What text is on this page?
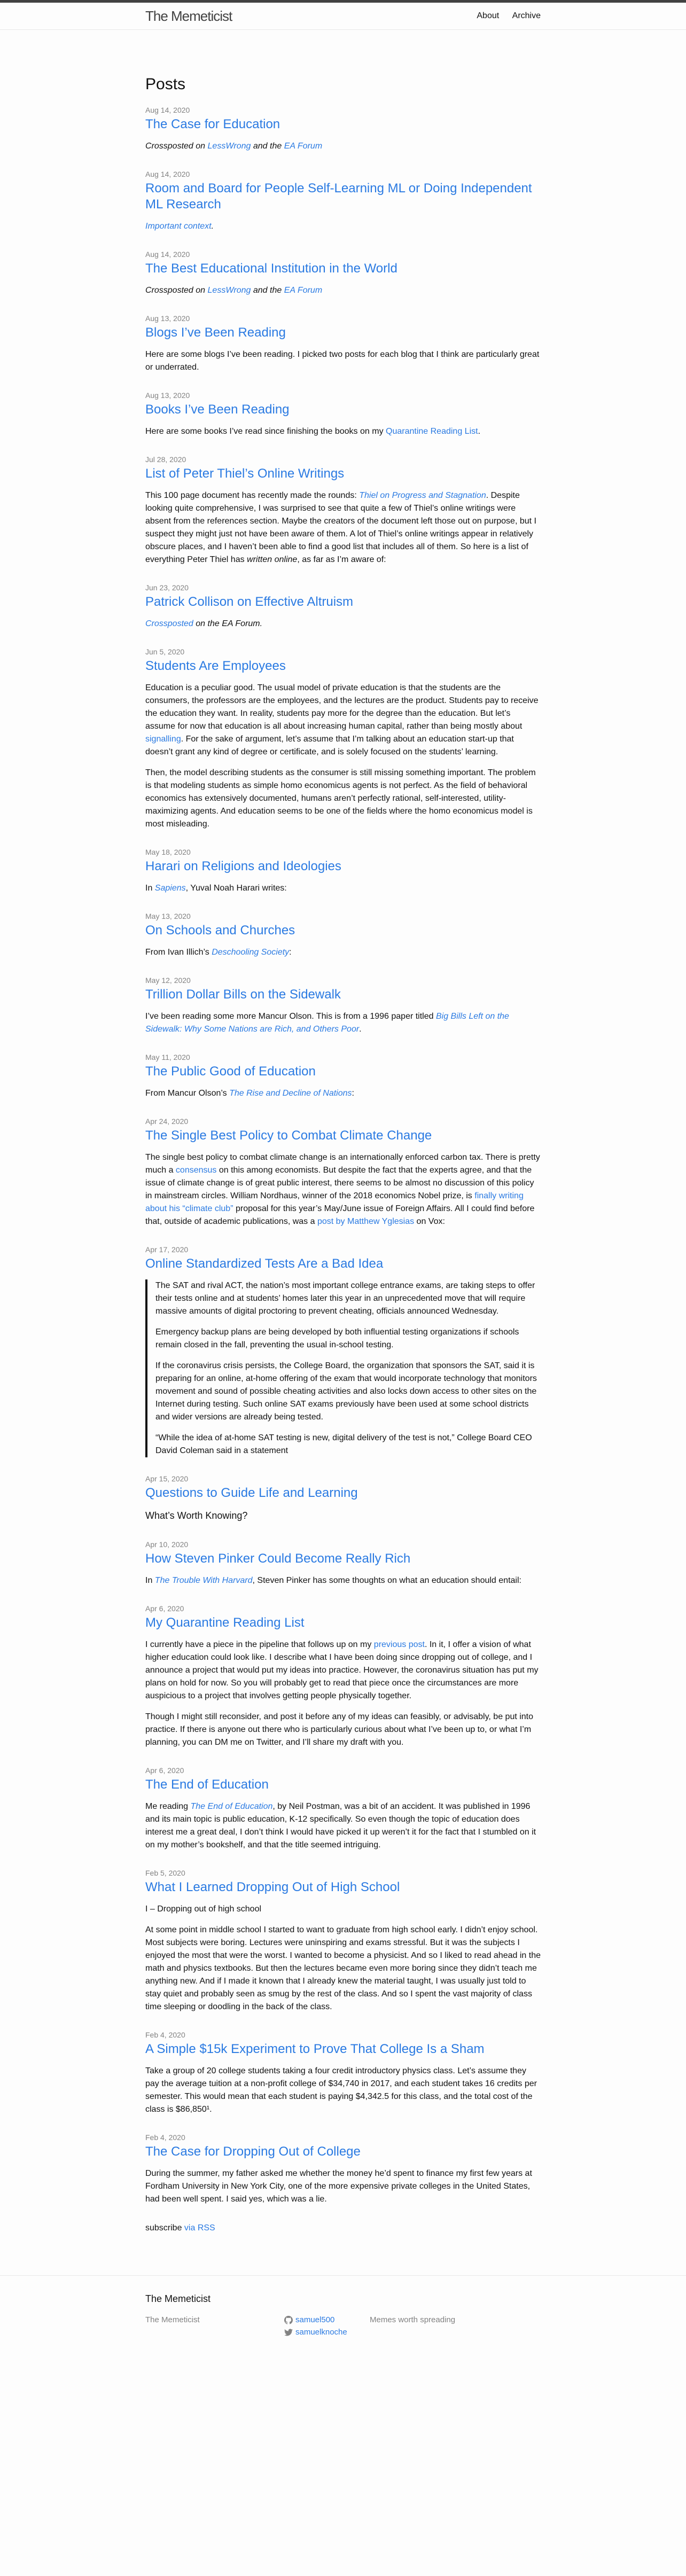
The Memeticist	About Archive
Posts
Aug 14, 2020
The Case for Education

Crossposted on LessWrong and the EA Forum

Aug 14, 2020
Room and Board for People Self-Learning ML or Doing Independent ML Research

Important context.

Aug 14, 2020
The Best Educational Institution in the World

Crossposted on LessWrong and the EA Forum

Aug 13, 2020
Blogs I’ve Been Reading

Here are some blogs I’ve been reading. I picked two posts for each blog that I think are particularly great or underrated.

Aug 13, 2020
Books I’ve Been Reading

Here are some books I’ve read since finishing the books on my Quarantine Reading List.

Jul 28, 2020
List of Peter Thiel’s Online Writings

This 100 page document has recently made the rounds: Thiel on Progress and Stagnation. Despite looking quite comprehensive, I was surprised to see that quite a few of Thiel’s online writings were absent from the references section. Maybe the creators of the document left those out on purpose, but I suspect they might just not have been aware of them. A lot of Thiel’s online writings appear in relatively obscure places, and I haven’t been able to find a good list that includes all of them. So here is a list of everything Peter Thiel has written online, as far as I’m aware of:

Jun 23, 2020
Patrick Collison on Effective Altruism

Crossposted on the EA Forum.

Jun 5, 2020
Students Are Employees

Education is a peculiar good. The usual model of private education is that the students are the consumers, the professors are the employees, and the lectures are the product. Students pay to receive the education they want. In reality, students pay more for the degree than the education. But let’s assume for now that education is all about increasing human capital, rather than being mostly about signalling. For the sake of argument, let’s assume that I’m talking about an education start-up that doesn’t grant any kind of degree or certificate, and is solely focused on the students’ learning.

Then, the model describing students as the consumer is still missing something important. The problem is that modeling students as simple homo economicus agents is not perfect. As the field of behavioral economics has extensively documented, humans aren’t perfectly rational, self-interested, utility-maximizing agents. And education seems to be one of the fields where the homo economicus model is most misleading.

May 18, 2020
Harari on Religions and Ideologies

In Sapiens, Yuval Noah Harari writes:

May 13, 2020
On Schools and Churches

From Ivan Illich’s Deschooling Society:

May 12, 2020
Trillion Dollar Bills on the Sidewalk

I’ve been reading some more Mancur Olson. This is from a 1996 paper titled Big Bills Left on the Sidewalk: Why Some Nations are Rich, and Others Poor.

May 11, 2020
The Public Good of Education

From Mancur Olson’s The Rise and Decline of Nations:

Apr 24, 2020
The Single Best Policy to Combat Climate Change

The single best policy to combat climate change is an internationally enforced carbon tax. There is pretty much a consensus on this among economists. But despite the fact that the experts agree, and that the issue of climate change is of great public interest, there seems to be almost no discussion of this policy in mainstream circles. William Nordhaus, winner of the 2018 economics Nobel prize, is finally writing about his “climate club” proposal for this year’s May/June issue of Foreign Affairs. All I could find before that, outside of academic publications, was a post by Matthew Yglesias on Vox:

Apr 17, 2020
Online Standardized Tests Are a Bad Idea

The SAT and rival ACT, the nation’s most important college entrance exams, are taking steps to offer their tests online and at students’ homes later this year in an unprecedented move that will require massive amounts of digital proctoring to prevent cheating, officials announced Wednesday.

Emergency backup plans are being developed by both influential testing organizations if schools remain closed in the fall, preventing the usual in-school testing.

If the coronavirus crisis persists, the College Board, the organization that sponsors the SAT, said it is preparing for an online, at-home offering of the exam that would incorporate technology that monitors movement and sound of possible cheating activities and also locks down access to other sites on the Internet during testing. Such online SAT exams previously have been used at some school districts and wider versions are already being tested.

“While the idea of at-home SAT testing is new, digital delivery of the test is not,” College Board CEO David Coleman said in a statement

Apr 15, 2020
Questions to Guide Life and Learning
What’s Worth Knowing?
Apr 10, 2020
How Steven Pinker Could Become Really Rich

In The Trouble With Harvard, Steven Pinker has some thoughts on what an education should entail:

Apr 6, 2020
My Quarantine Reading List

I currently have a piece in the pipeline that follows up on my previous post. In it, I offer a vision of what higher education could look like. I describe what I have been doing since dropping out of college, and I announce a project that would put my ideas into practice. However, the coronavirus situation has put my plans on hold for now. So you will probably get to read that piece once the circumstances are more auspicious to a project that involves getting people physically together.

Though I might still reconsider, and post it before any of my ideas can feasibly, or advisably, be put into practice. If there is anyone out there who is particularly curious about what I’ve been up to, or what I’m planning, you can DM me on Twitter, and I’ll share my draft with you.

Apr 6, 2020
The End of Education

Me reading The End of Education, by Neil Postman, was a bit of an accident. It was published in 1996 and its main topic is public education, K-12 specifically. So even though the topic of education does interest me a great deal, I don’t think I would have picked it up weren’t it for the fact that I stumbled on it on my mother’s bookshelf, and that the title seemed intriguing.

Feb 5, 2020
What I Learned Dropping Out of High School

I – Dropping out of high school

At some point in middle school I started to want to graduate from high school early. I didn’t enjoy school. Most subjects were boring. Lectures were uninspiring and exams stressful. But it was the subjects I enjoyed the most that were the worst. I wanted to become a physicist. And so I liked to read ahead in the math and physics textbooks. But then the lectures became even more boring since they didn’t teach me anything new. And if I made it known that I already knew the material taught, I was usually just told to stay quiet and probably seen as smug by the rest of the class. And so I spent the vast majority of class time sleeping or doodling in the back of the class.

Feb 4, 2020
A Simple $15k Experiment to Prove That College Is a Sham

Take a group of 20 college students taking a four credit introductory physics class. Let’s assume they pay the average tuition at a non-profit college of $34,740 in 2017, and each student takes 16 credits per semester. This would mean that each student is paying $4,342.5 for this class, and the total cost of the class is $86,850¹.

Feb 4, 2020
The Case for Dropping Out of College

During the summer, my father asked me whether the money he’d spent to finance my first few years at Fordham University in New York City, one of the more expensive private colleges in the United States, had been well spent. I said yes, which was a lie.

subscribe via RSS

The Memeticist
The Memeticist	samuel500
samuelknoche
Memes worth spreading
